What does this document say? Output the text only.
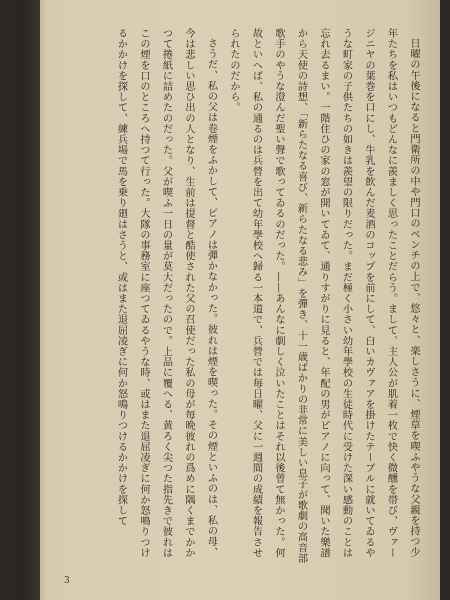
日曜の午後になると門衛所の中や門口のベンチの上で、悠々と、楽しさうに、煙草を喫ふやうな父親を持つ少年たちを私はいつもどんなに羨ましく思ったことだらう。まして、主人公が肌着一枚で快く微醺を帯び、ヴァージニヤの葉巻を口にし、牛乳を飲んだ麦酒のコップを前にして、白いカヴァアを掛けたテーブルに就いてゐるやうな町家の子供たちの如きは羨望の限りだった。まだ極く小さい幼年學校の生徒時代に受けた深い感動のことは忘れ去るまい。一階住ひの家の窓が開いてゐて、通りすがりに見ると、年配の男がピアノに向って、聞いた樂譜から天使の詩想、「新らたなる喜び、新らたなる悲み」を彈き、十一歳ばかりの非常に美しい息子が歌劇の高音部歌手のやうな澄んだ聖い聲で歌ってゐるのだった。——あんなに劇しく泣いたことはそれ以後曾て無かった。何故といへば、私の通るのは兵營を出て幼年學校へ歸る一本道で、兵營では毎日曜、父に一週間の成績を報告させられたのだから。

さうだ、私の父は卷煙をふかして、ピアノは彈かなかった。彼れは煙を喫った。その煙といふのは、私の母、今は悲しい思ひ出の人となり、生前は提督と酷使された父の召使だった私の母が毎晩彼れの爲めに隅くまでかかつて捲紙に詰めたのだった。父が喫ふ一日の量が莫大だったので。上品に覆へる、黄ろく尖つた指先きで彼れはこの煙を口のところへ持つて行った。大隊の事務室に座つてゐるやうな時、或はまた退屈凌ぎに何か怒鳴りつけるかかけを探して、練兵場で馬を乗り廻はさうと、或はまた退屈凌ぎに何か怒鳴りつけるかかけを探して

3
